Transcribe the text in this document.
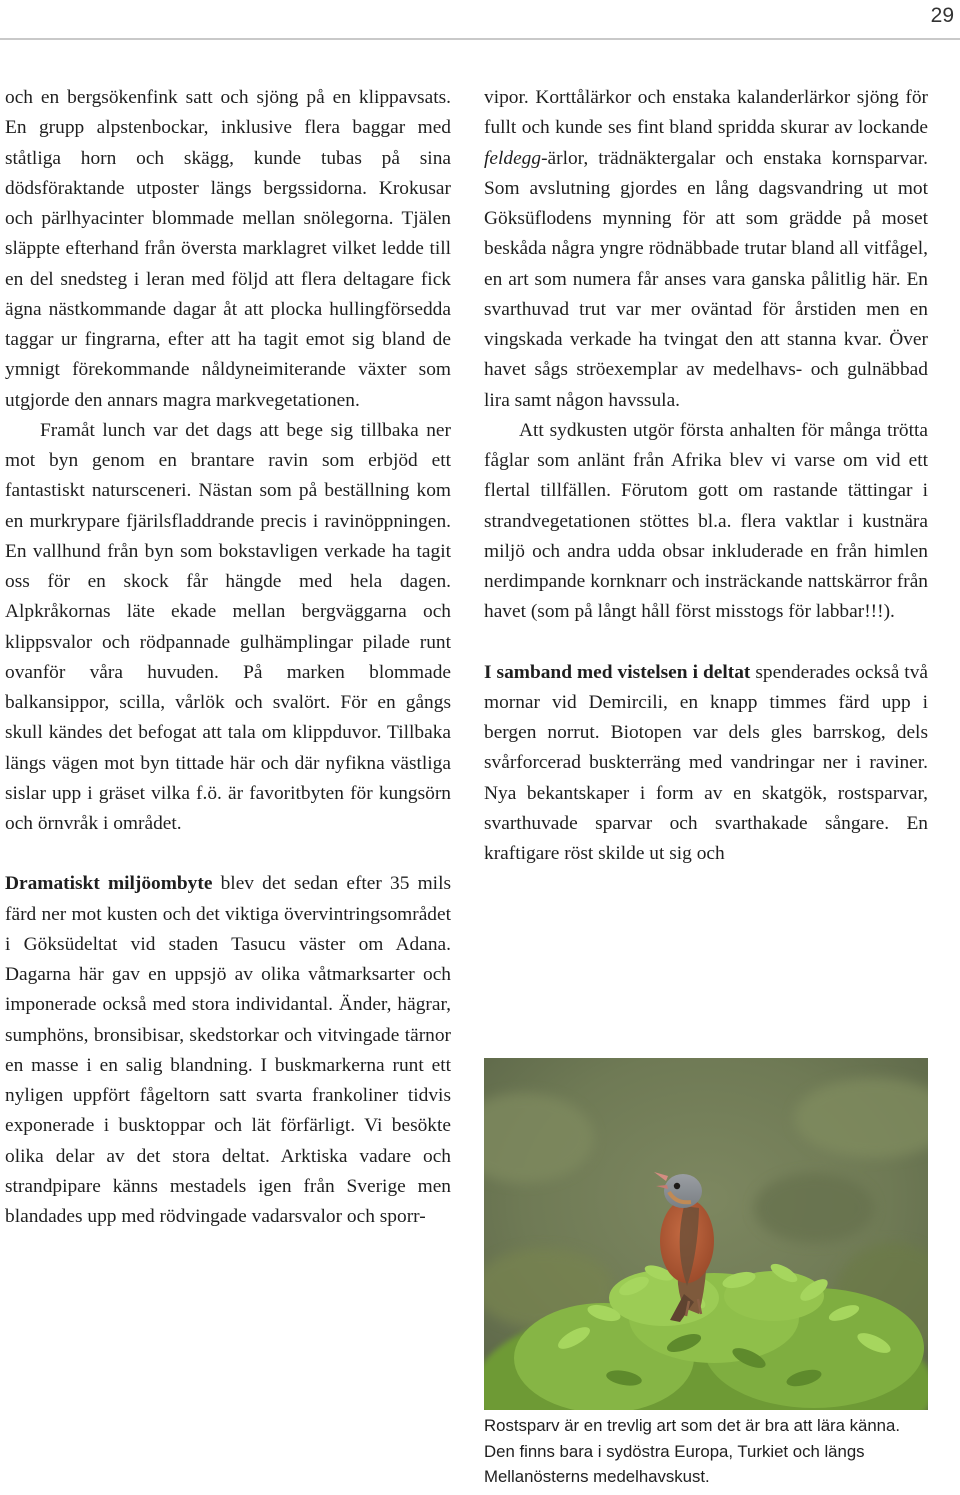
29

och en bergsökenfink satt och sjöng på en klippavsats. En grupp alpstenbockar, inklusive flera baggar med ståtliga horn och skägg, kunde tubas på sina dödsföraktande utposter längs bergssidorna. Krokusar och pärlhyacinter blommade mellan snölegorna. Tjälen släppte efterhand från översta marklagret vilket ledde till en del snedsteg i leran med följd att flera deltagare fick ägna nästkommande dagar åt att plocka hullingförsedda taggar ur fingrarna, efter att ha tagit emot sig bland de ymnigt förekommande nåldyneimiterande växter som utgjorde den annars magra markvegetationen.

Framåt lunch var det dags att bege sig tillbaka ner mot byn genom en brantare ravin som erbjöd ett fantastiskt natursceneri. Nästan som på beställning kom en murkrypare fjärilsfladdrande precis i ravinöppningen. En vallhund från byn som bokstavligen verkade ha tagit oss för en skock får hängde med hela dagen. Alpkråkornas läte ekade mellan bergväggarna och klippsvalor och rödpannade gulhämplingar pilade runt ovanför våra huvuden. På marken blommade balkansippor, scilla, vårlök och svalört. För en gångs skull kändes det befogat att tala om klippduvor. Tillbaka längs vägen mot byn tittade här och där nyfikna västliga sislar upp i gräset vilka f.ö. är favoritbyten för kungsörn och örnvråk i området.

Dramatiskt miljöombyte blev det sedan efter 35 mils färd ner mot kusten och det viktiga övervintringsområdet i Göksüdeltat vid staden Tasucu väster om Adana. Dagarna här gav en uppsjö av olika våtmarksarter och imponerade också med stora individantal. Änder, hägrar, sumphöns, bronsibisar, skedstorkar och vitvingade tärnor en masse i en salig blandning. I buskmarkerna runt ett nyligen uppfört fågeltorn satt svarta frankoliner tidvis exponerade i busktoppar och lät förfärligt. Vi besökte olika delar av det stora deltat. Arktiska vadare och strandpipare känns mestadels igen från Sverige men blandades upp med rödvingade vadarsvalor och sporr-

vipor. Korttålärkor och enstaka kalanderlärkor sjöng för fullt och kunde ses fint bland spridda skurar av lockande feldegg-ärlor, trädnäktergalar och enstaka kornsparvar. Som avslutning gjordes en lång dagsvandring ut mot Göksüflodens mynning för att som grädde på moset beskåda några yngre rödnäbbade trutar bland all vitfågel, en art som numera får anses vara ganska pålitlig här. En svarthuvad trut var mer oväntad för årstiden men en vingskada verkade ha tvingat den att stanna kvar. Över havet sågs ströexemplar av medelhavs- och gulnäbbad lira samt någon havssula.

Att sydkusten utgör första anhalten för många trötta fåglar som anlänt från Afrika blev vi varse om vid ett flertal tillfällen. Förutom gott om rastande tättingar i strandvegetationen stöttes bl.a. flera vaktlar i kustnära miljö och andra udda obsar inkluderade en från himlen nerdimpande kornknarr och insträckande nattskärror från havet (som på långt håll först misstogs för labbar!!!).

I samband med vistelsen i deltat spenderades också två mornar vid Demircili, en knapp timmes färd upp i bergen norrut. Biotopen var dels gles barrskog, dels svårforcerad buskterräng med vandringar ner i raviner. Nya bekantskaper i form av en skatgök, rostsparvar, svarthuvade sparvar och svarthakade sångare. En kraftigare röst skilde ut sig och

Rostsparv är en trevlig art som det är bra att lära känna. Den finns bara i sydöstra Europa, Turkiet och längs Mellanösterns medelhavskust.
